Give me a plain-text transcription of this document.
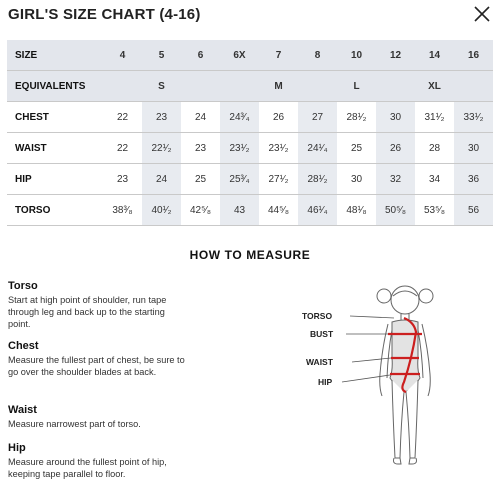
GIRL'S SIZE CHART (4-16)
SIZE	4	5	6	6X	7	8	10	12	14	16
EQUIVALENTS		S			M		L		XL	
CHEST	22	23	24	24³⁄₄	26	27	28¹⁄₂	30	31¹⁄₂	33¹⁄₂
WAIST	22	22¹⁄₂	23	23¹⁄₂	23¹⁄₂	24¹⁄₄	25	26	28	30
HIP	23	24	25	25³⁄₄	27¹⁄₂	28¹⁄₂	30	32	34	36
TORSO	38³⁄₈	40¹⁄₂	42⁵⁄₈	43	44⁵⁄₈	46¹⁄₄	48¹⁄₈	50⁵⁄₈	53⁵⁄₈	56
HOW TO MEASURE
Torso

Start at high point of shoulder, run tape through leg and back up to the starting point.

Chest

Measure the fullest part of chest, be sure to go over the shoulder blades at back.

Waist

Measure narrowest part of torso.

Hip

Measure around the fullest point of hip, keeping tape parallel to floor.

TORSO
BUST
WAIST
HIP
